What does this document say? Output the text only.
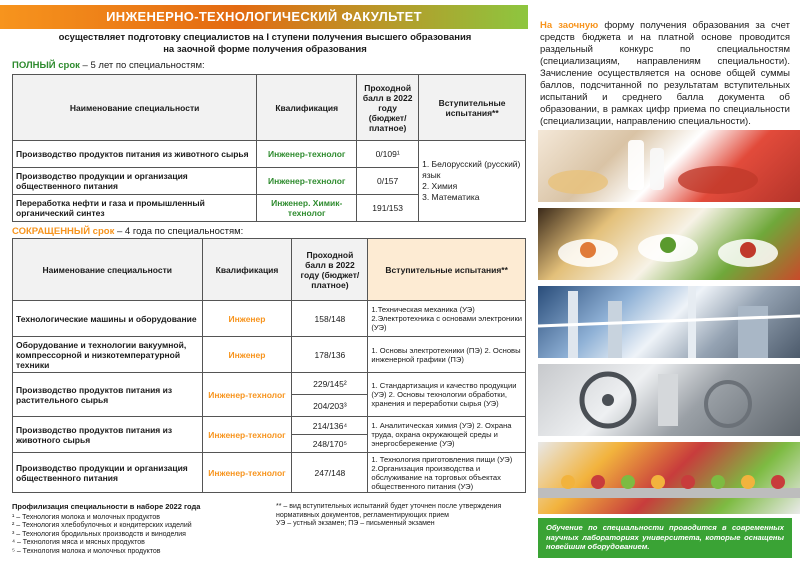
ИНЖЕНЕРНО-ТЕХНОЛОГИЧЕСКИЙ ФАКУЛЬТЕТ
осуществляет подготовку специалистов на I ступени получения высшего образования
на заочной форме получения образования
ПОЛНЫЙ срок – 5 лет по специальностям:
Наименование специальности	Квалификация	Проходной балл в 2022 году (бюджет/ платное)	Вступительные испытания**
Производство продуктов питания из животного сырья	Инженер-технолог	0/109¹	1. Белорусский (русский) язык
2. Химия
3. Математика

Производство продукции и организация общественного питания	Инженер-технолог	0/157	
Переработка нефти и газа и промышленный органический синтез	Инженер. Химик-технолог	191/153	
СОКРАЩЕННЫЙ срок – 4 года по специальностям:
Наименование специальности	Квалификация	Проходной балл в 2022 году (бюджет/ платное)	Вступительные испытания**
Технологические машины и оборудование	Инженер	158/148	1.Техническая механика (УЭ) 2.Электротехника с основами электроники (УЭ)
Оборудование и технологии вакуумной, компрессорной и низкотемпературной техники	Инженер	178/136	1. Основы электротехники (ПЭ) 2. Основы инженерной графики (ПЭ)
Производство продуктов питания из растительного сырья	Инженер-технолог	229/145²	1. Стандартизация и качество продукции (УЭ) 2. Основы технологии обработки, хранения и переработки сырья (УЭ)
		204/203³	
Производство продуктов питания из животного сырья	Инженер-технолог	214/136⁴	1. Аналитическая химия (УЭ) 2. Охрана труда, охрана окружающей среды и энергосбережение (УЭ)
		248/170⁵	
Производство продукции и организация общественного питания	Инженер-технолог	247/148	1. Технология приготовления пищи (УЭ) 2.Организация производства и обслуживание на торговых объектах общественного питания (УЭ)
Профилизация специальности в наборе 2022 года
¹ – Технология молока и молочных продуктов
² – Технология хлебобулочных и кондитерских изделий
³ – Технология бродильных производств и виноделия
⁴ – Технология мяса и мясных продуктов
⁵ – Технология молока и молочных продуктов
** – вид вступительных испытаний будет уточнен после утверждения нормативных документов, регламентирующих прием
УЭ – устный экзамен; ПЭ – письменный экзамен
На заочную форму получения образования за счет средств бюджета и на платной основе проводится раздельный конкурс по специальностям (специализациям, направлениям специальности). Зачисление осуществляется на основе общей суммы баллов, подсчитанной по результатам вступительных испытаний и среднего балла документа об образовании, в рамках цифр приема по специальности (специализации, направлению специальности).
Обучение по специальности проводится в современных научных лабораториях университета, которые оснащены новейшим оборудованием.
